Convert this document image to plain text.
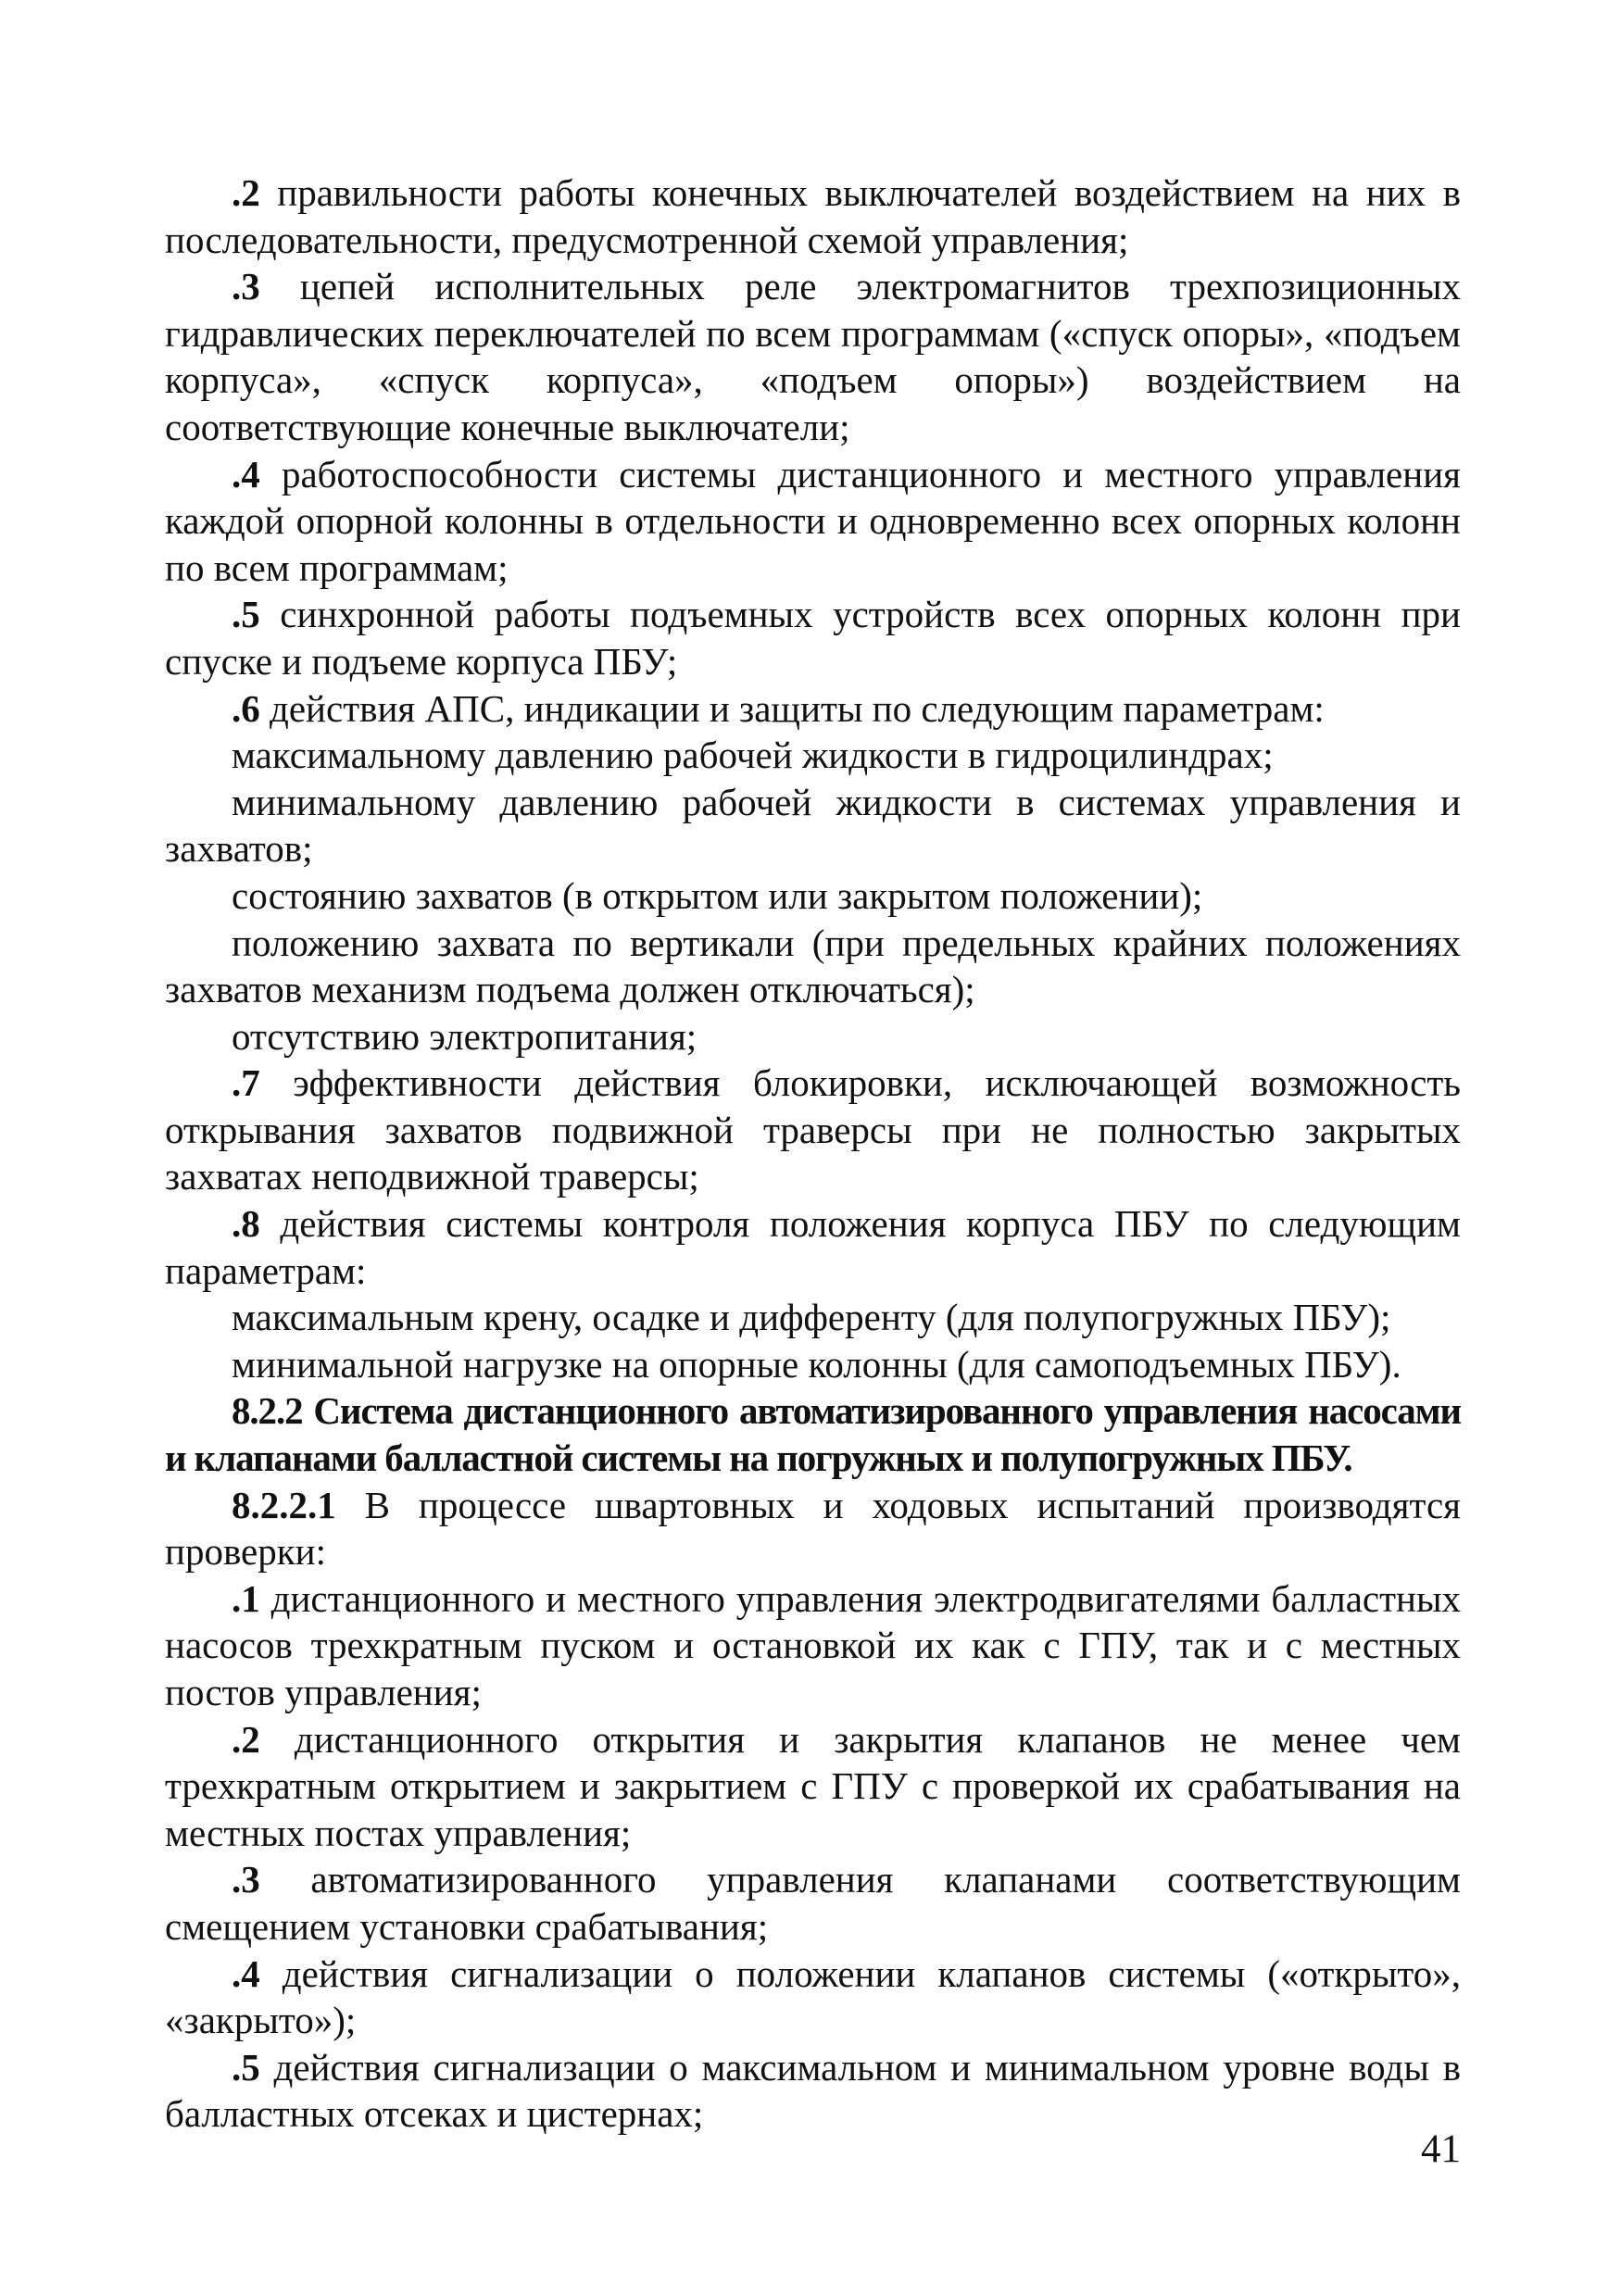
.2 правильности работы конечных выключателей воздействием на них в последовательности, предусмотренной схемой управления;

.3 цепей исполнительных реле электромагнитов трехпозиционных гидравлических переключателей по всем программам («спуск опоры», «подъем корпуса», «спуск корпуса», «подъем опоры») воздействием на соответствующие конечные выключатели;

.4 работоспособности системы дистанционного и местного управления каждой опорной колонны в отдельности и одновременно всех опорных колонн по всем программам;

.5 синхронной работы подъемных устройств всех опорных колонн при спуске и подъеме корпуса ПБУ;

.6 действия АПС, индикации и защиты по следующим параметрам:

максимальному давлению рабочей жидкости в гидроцилиндрах;

минимальному давлению рабочей жидкости в системах управления и захватов;

состоянию захватов (в открытом или закрытом положении);

положению захвата по вертикали (при предельных крайних положениях захватов механизм подъема должен отключаться);

отсутствию электропитания;

.7 эффективности действия блокировки, исключающей возможность открывания захватов подвижной траверсы при не полностью закрытых захватах неподвижной траверсы;

.8 действия системы контроля положения корпуса ПБУ по следующим параметрам:

максимальным крену, осадке и дифференту (для полупогружных ПБУ);

минимальной нагрузке на опорные колонны (для самоподъемных ПБУ).

8.2.2 Система дистанционного автоматизированного управления насосами и клапанами балластной системы на погружных и полупогружных ПБУ.

8.2.2.1 В процессе швартовных и ходовых испытаний производятся проверки:

.1 дистанционного и местного управления электродвигателями балластных насосов трехкратным пуском и остановкой их как с ГПУ, так и с местных постов управления;

.2 дистанционного открытия и закрытия клапанов не менее чем трехкратным открытием и закрытием с ГПУ с проверкой их срабатывания на местных постах управления;

.3 автоматизированного управления клапанами соответствующим смещением установки срабатывания;

.4 действия сигнализации о положении клапанов системы («открыто», «закрыто»);

.5 действия сигнализации о максимальном и минимальном уровне воды в балластных отсеках и цистернах;

41
